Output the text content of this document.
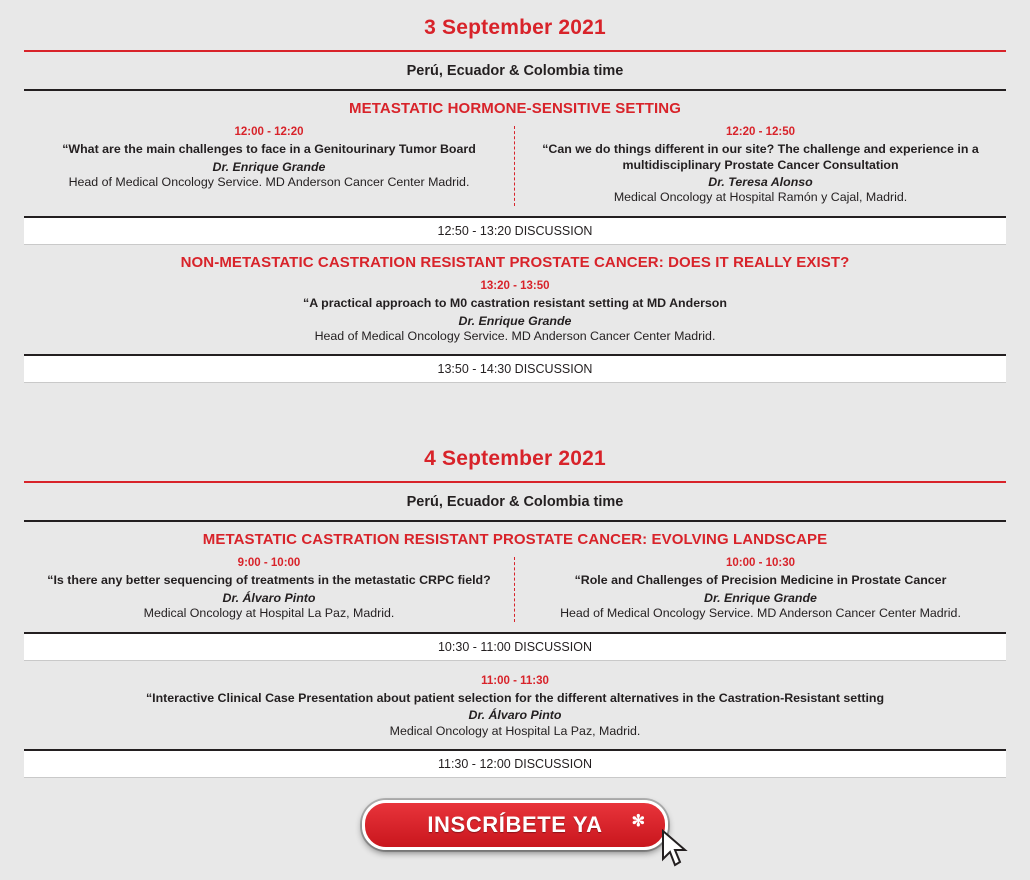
3 September 2021
Perú, Ecuador & Colombia time
METASTATIC HORMONE-SENSITIVE SETTING
12:00 - 12:20
“What are the main challenges to face in a Genitourinary Tumor Board
Dr. Enrique Grande
Head of Medical Oncology Service. MD Anderson Cancer Center Madrid.
12:20 - 12:50
“Can we do things different in our site? The challenge and experience in a multidisciplinary Prostate Cancer Consultation
Dr. Teresa Alonso
Medical Oncology at Hospital Ramón y Cajal, Madrid.
12:50 - 13:20 DISCUSSION
NON-METASTATIC CASTRATION RESISTANT PROSTATE CANCER: DOES IT REALLY EXIST?
13:20 - 13:50
“A practical approach to M0 castration resistant setting at MD Anderson
Dr. Enrique Grande
Head of Medical Oncology Service. MD Anderson Cancer Center Madrid.
13:50 - 14:30 DISCUSSION
4 September 2021
Perú, Ecuador & Colombia time
METASTATIC CASTRATION RESISTANT PROSTATE CANCER: EVOLVING LANDSCAPE
9:00 - 10:00
“Is there any better sequencing of treatments in the metastatic CRPC field?
Dr. Álvaro Pinto
Medical Oncology at Hospital La Paz, Madrid.
10:00 - 10:30
“Role and Challenges of Precision Medicine in Prostate Cancer
Dr. Enrique Grande
Head of Medical Oncology Service. MD Anderson Cancer Center Madrid.
10:30 - 11:00 DISCUSSION
11:00 - 11:30
“Interactive Clinical Case Presentation about patient selection for the different alternatives in the Castration-Resistant setting
Dr. Álvaro Pinto
Medical Oncology at Hospital La Paz, Madrid.
11:30 - 12:00 DISCUSSION
INSCRÍBETE YA ✻
